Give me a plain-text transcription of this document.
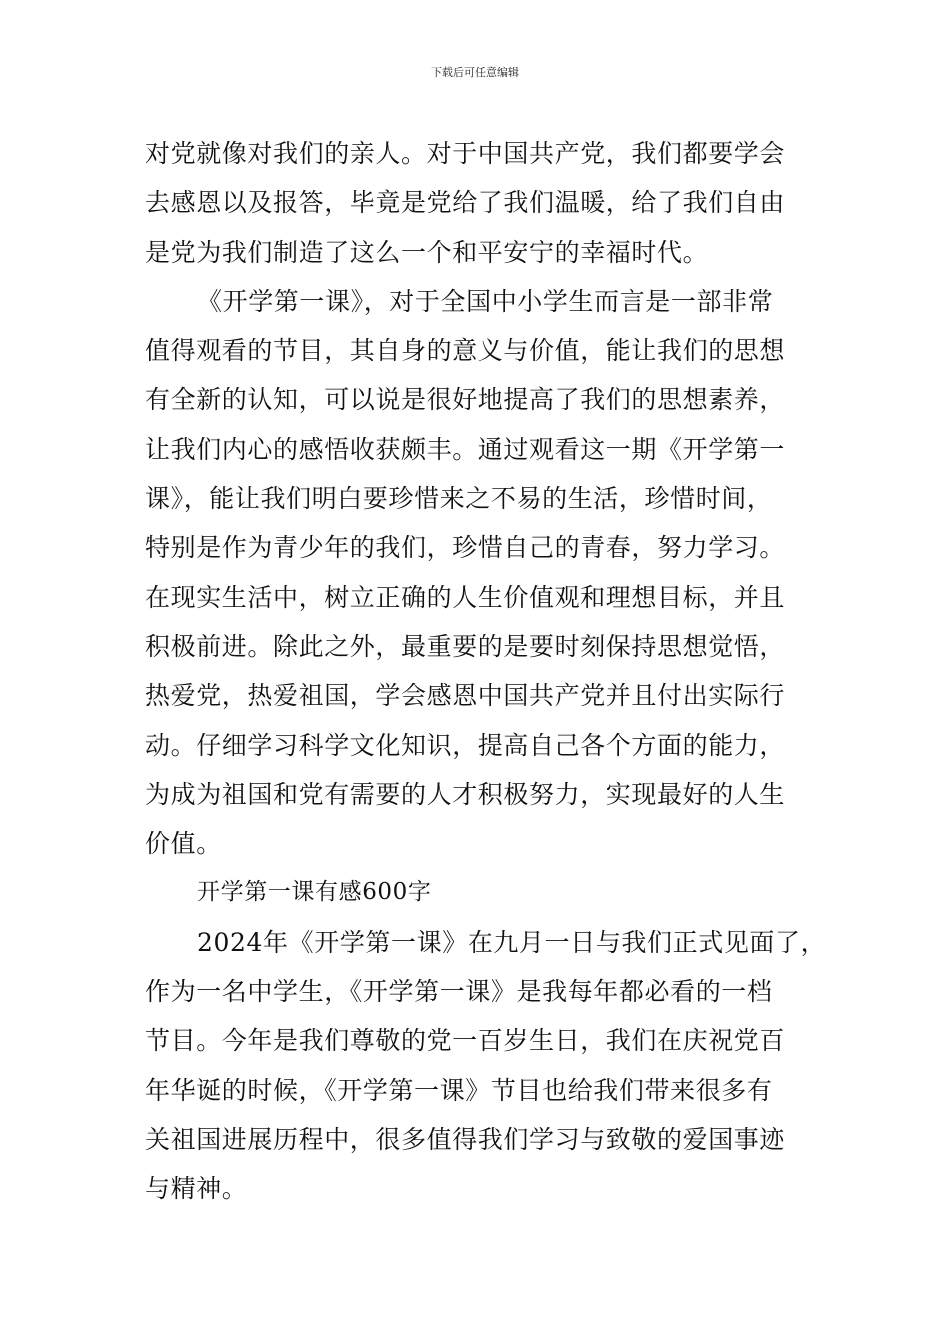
下载后可任意编辑
对党就像对我们的亲人。对于中国共产党，我们都要学会
去感恩以及报答，毕竟是党给了我们温暖，给了我们自由
是党为我们制造了这么一个和平安宁的幸福时代。
《开学第一课》，对于全国中小学生而言是一部非常
值得观看的节目，其自身的意义与价值，能让我们的思想
有全新的认知，可以说是很好地提高了我们的思想素养，
让我们内心的感悟收获颇丰。通过观看这一期《开学第一
课》，能让我们明白要珍惜来之不易的生活，珍惜时间，
特别是作为青少年的我们，珍惜自己的青春，努力学习。
在现实生活中，树立正确的人生价值观和理想目标，并且
积极前进。除此之外，最重要的是要时刻保持思想觉悟，
热爱党，热爱祖国，学会感恩中国共产党并且付出实际行
动。仔细学习科学文化知识，提高自己各个方面的能力，
为成为祖国和党有需要的人才积极努力，实现最好的人生
价值。
开学第一课有感600字
2024年《开学第一课》在九月一日与我们正式见面了，
作为一名中学生，《开学第一课》是我每年都必看的一档
节目。今年是我们尊敬的党一百岁生日，我们在庆祝党百
年华诞的时候，《开学第一课》节目也给我们带来很多有
关祖国进展历程中，很多值得我们学习与致敬的爱国事迹
与精神。
